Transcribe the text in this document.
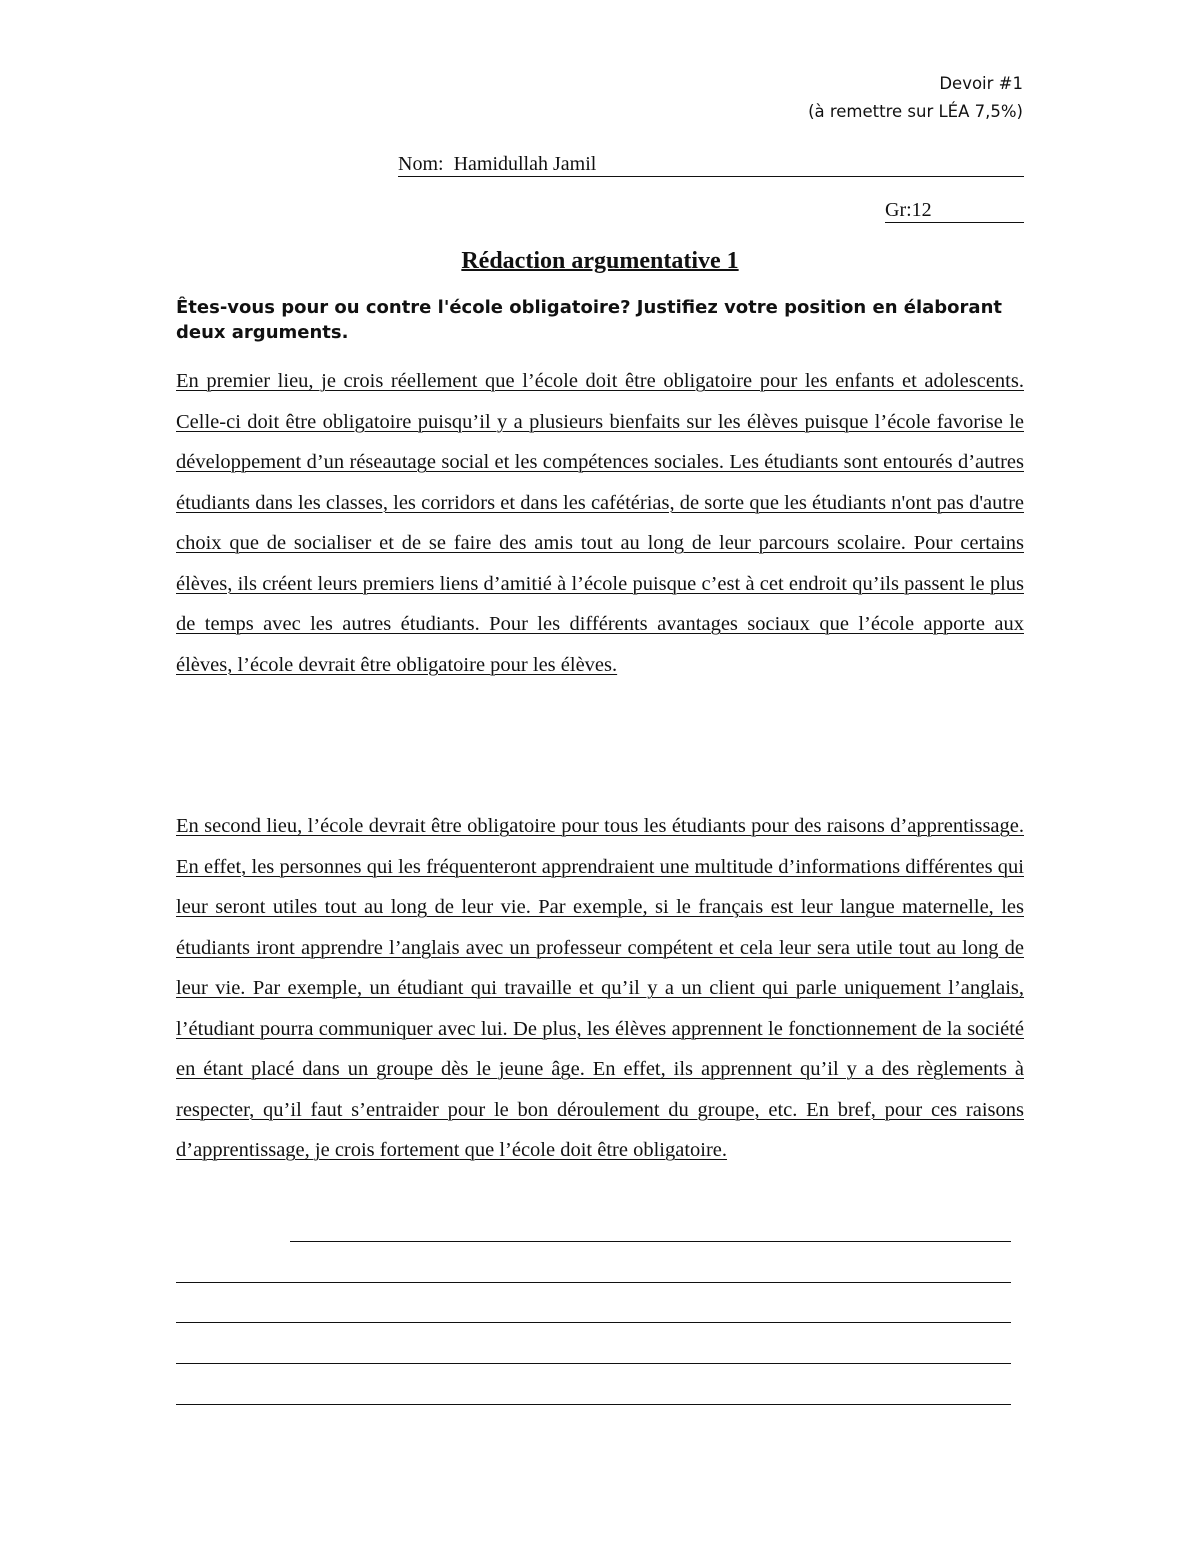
Devoir #1
(à remettre sur LÉA 7,5%)
Nom: Hamidullah Jamil
Gr:12
Rédaction argumentative 1
Êtes-vous pour ou contre l'école obligatoire? Justifiez votre position en élaborant deux arguments.
En premier lieu, je crois réellement que l’école doit être obligatoire pour les enfants et adolescents. Celle-ci doit être obligatoire puisqu’il y a plusieurs bienfaits sur les élèves puisque l’école favorise le développement d’un réseautage social et les compétences sociales. Les étudiants sont entourés d’autres étudiants dans les classes, les corridors et dans les cafétérias, de sorte que les étudiants n'ont pas d'autre choix que de socialiser et de se faire des amis tout au long de leur parcours scolaire. Pour certains élèves, ils créent leurs premiers liens d’amitié à l’école puisque c’est à cet endroit qu’ils passent le plus de temps avec les autres étudiants. Pour les différents avantages sociaux que l’école apporte aux élèves, l’école devrait être obligatoire pour les élèves.
En second lieu, l’école devrait être obligatoire pour tous les étudiants pour des raisons d’apprentissage. En effet, les personnes qui les fréquenteront apprendraient une multitude d’informations différentes qui leur seront utiles tout au long de leur vie. Par exemple, si le français est leur langue maternelle, les étudiants iront apprendre l’anglais avec un professeur compétent et cela leur sera utile tout au long de leur vie. Par exemple, un étudiant qui travaille et qu’il y a un client qui parle uniquement l’anglais, l’étudiant pourra communiquer avec lui. De plus, les élèves apprennent le fonctionnement de la société en étant placé dans un groupe dès le jeune âge. En effet, ils apprennent qu’il y a des règlements à respecter, qu’il faut s’entraider pour le bon déroulement du groupe, etc. En bref, pour ces raisons d’apprentissage, je crois fortement que l’école doit être obligatoire.
